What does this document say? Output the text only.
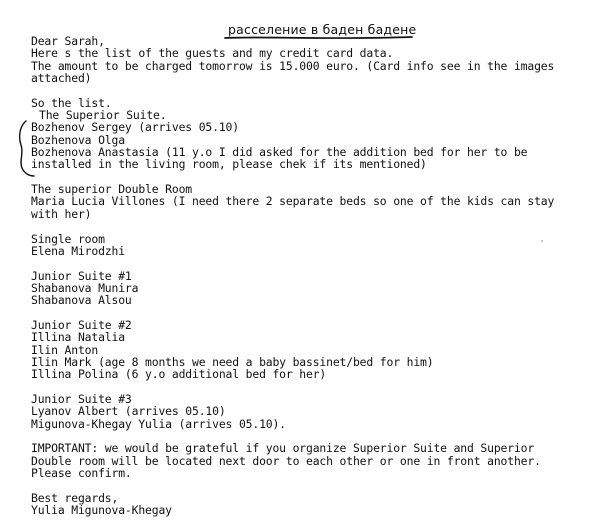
расселение в баден бадене
Dear Sarah,
Here s the list of the guests and my credit card data.
The amount to be charged tomorrow is 15.000 euro. (Card info see in the images
attached)
So the list.
The Superior Suite.
Bozhenov Sergey (arrives 05.10)
Bozhenova Olga
Bozhenova Anastasia (11 y.o I did asked for the addition bed for her to be
installed in the living room, please chek if its mentioned)
The superior Double Room
Maria Lucia Villones (I need there 2 separate beds so one of the kids can stay
with her)
Single room
Elena Mirodzhi
Junior Suite #1
Shabanova Munira
Shabanova Alsou
Junior Suite #2
Illina Natalia
Ilin Anton
Ilin Mark (age 8 months we need a baby bassinet/bed for him)
Illina Polina (6 y.o additional bed for her)
Junior Suite #3
Lyanov Albert (arrives 05.10)
Migunova-Khegay Yulia (arrives 05.10).
IMPORTANT: we would be grateful if you organize Superior Suite and Superior
Double room will be located next door to each other or one in front another.
Please confirm.
Best regards,
Yulia Migunova-Khegay
